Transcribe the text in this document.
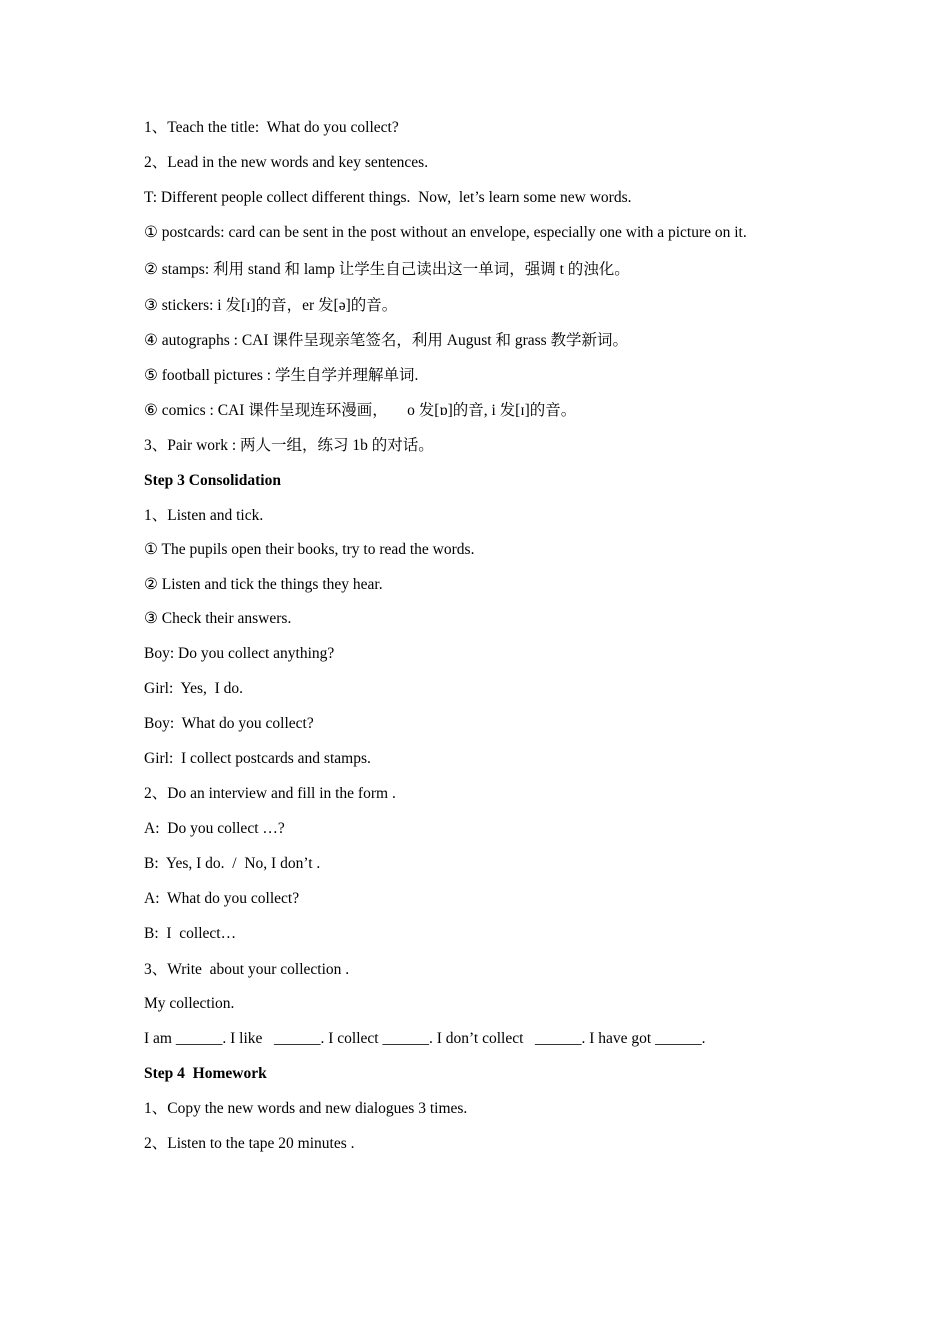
1、Teach the title:  What do you collect?
2、Lead in the new words and key sentences.
T: Different people collect different things.  Now,  let’s learn some new words.
① postcards: card can be sent in the post without an envelope, especially one with a picture on it.
② stamps: 利用 stand 和 lamp 让学生自己读出这一单词，强调 t 的浊化。
③ stickers: i 发[ɪ]的音，er 发[ə]的音。
④ autographs : CAI 课件呈现亲笔签名，利用 August 和 grass 教学新词。
⑤ football pictures : 学生自学并理解单词.
⑥ comics : CAI 课件呈现连环漫画，     o 发[ɒ]的音, i 发[ɪ]的音。
3、Pair work : 两人一组，练习 1b 的对话。
Step 3 Consolidation
1、Listen and tick.
① The pupils open their books, try to read the words.
② Listen and tick the things they hear.
③ Check their answers.
Boy: Do you collect anything?
Girl:  Yes,  I do.
Boy:  What do you collect?
Girl:  I collect postcards and stamps.
2、Do an interview and fill in the form .
A:  Do you collect …?
B:  Yes, I do.  /  No, I don’t .
A:  What do you collect?
B:  I  collect…
3、Write  about your collection .
My collection.
I am ______. I like   ______. I collect ______. I don’t collect   ______. I have got ______.
Step 4  Homework
1、Copy the new words and new dialogues 3 times.
2、Listen to the tape 20 minutes .
